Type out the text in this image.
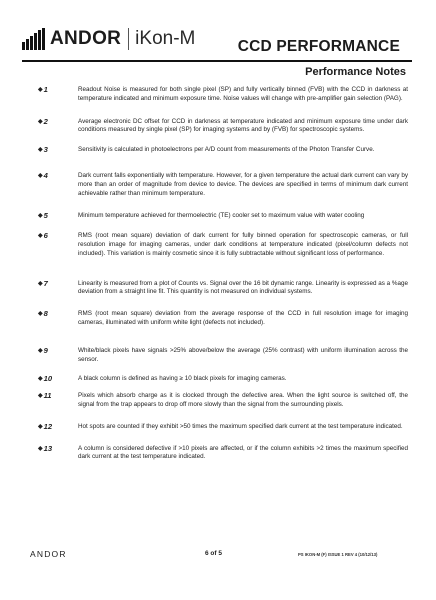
ANDOR iKon-M	CCD PERFORMANCE
Performance Notes
◆ 1	Readout Noise is measured for both single pixel (SP) and fully vertically binned (FVB) with the CCD in darkness at temperature indicated and minimum exposure time. Noise values will change with pre-amplifier gain selection (PAG).
◆ 2	Average electronic DC offset for CCD in darkness at temperature indicated and minimum exposure time under dark conditions measured by single pixel (SP) for imaging systems and by (FVB) for spectroscopic systems.
◆ 3	Sensitivity is calculated in photoelectrons per A/D count from measurements of the Photon Transfer Curve.
◆ 4	Dark current falls exponentially with temperature. However, for a given temperature the actual dark current can vary by more than an order of magnitude from device to device. The devices are specified in terms of minimum dark current achievable rather than minimum temperature.
◆ 5	Minimum temperature achieved for thermoelectric (TE) cooler set to maximum value with water cooling
◆ 6	RMS (root mean square) deviation of dark current for fully binned operation for spectroscopic cameras, or full resolution image for imaging cameras, under dark conditions at temperature indicated (pixel/column defects not included). This variation is mainly cosmetic since it is fully subtractable without significant loss of performance.
◆ 7	Linearity is measured from a plot of Counts vs. Signal over the 16 bit dynamic range. Linearity is expressed as a %age deviation from a straight line fit. This quantity is not measured on individual systems.
◆ 8	RMS (root mean square) deviation from the average response of the CCD in full resolution image for imaging cameras, illuminated with uniform white light (defects not included).
◆ 9	White/black pixels have signals >25% above/below the average (25% contrast) with uniform illumination across the sensor.
◆ 10	A black column is defined as having ≥ 10 black pixels for imaging cameras.
◆ 11	Pixels which absorb charge as it is clocked through the defective area. When the light source is switched off, the signal from the trap appears to drop off more slowly than the signal from the surrounding pixels.
◆ 12	Hot spots are counted if they exhibit >50 times the maximum specified dark current at the test temperature indicated.
◆ 13	A column is considered defective if >10 pixels are affected, or if the column exhibits >2 times the maximum specified dark current at the test temperature indicated.
ANDOR	6 of 5	PS IKON-M (F) ISSUE 1 REV 4 (10/12/13)
